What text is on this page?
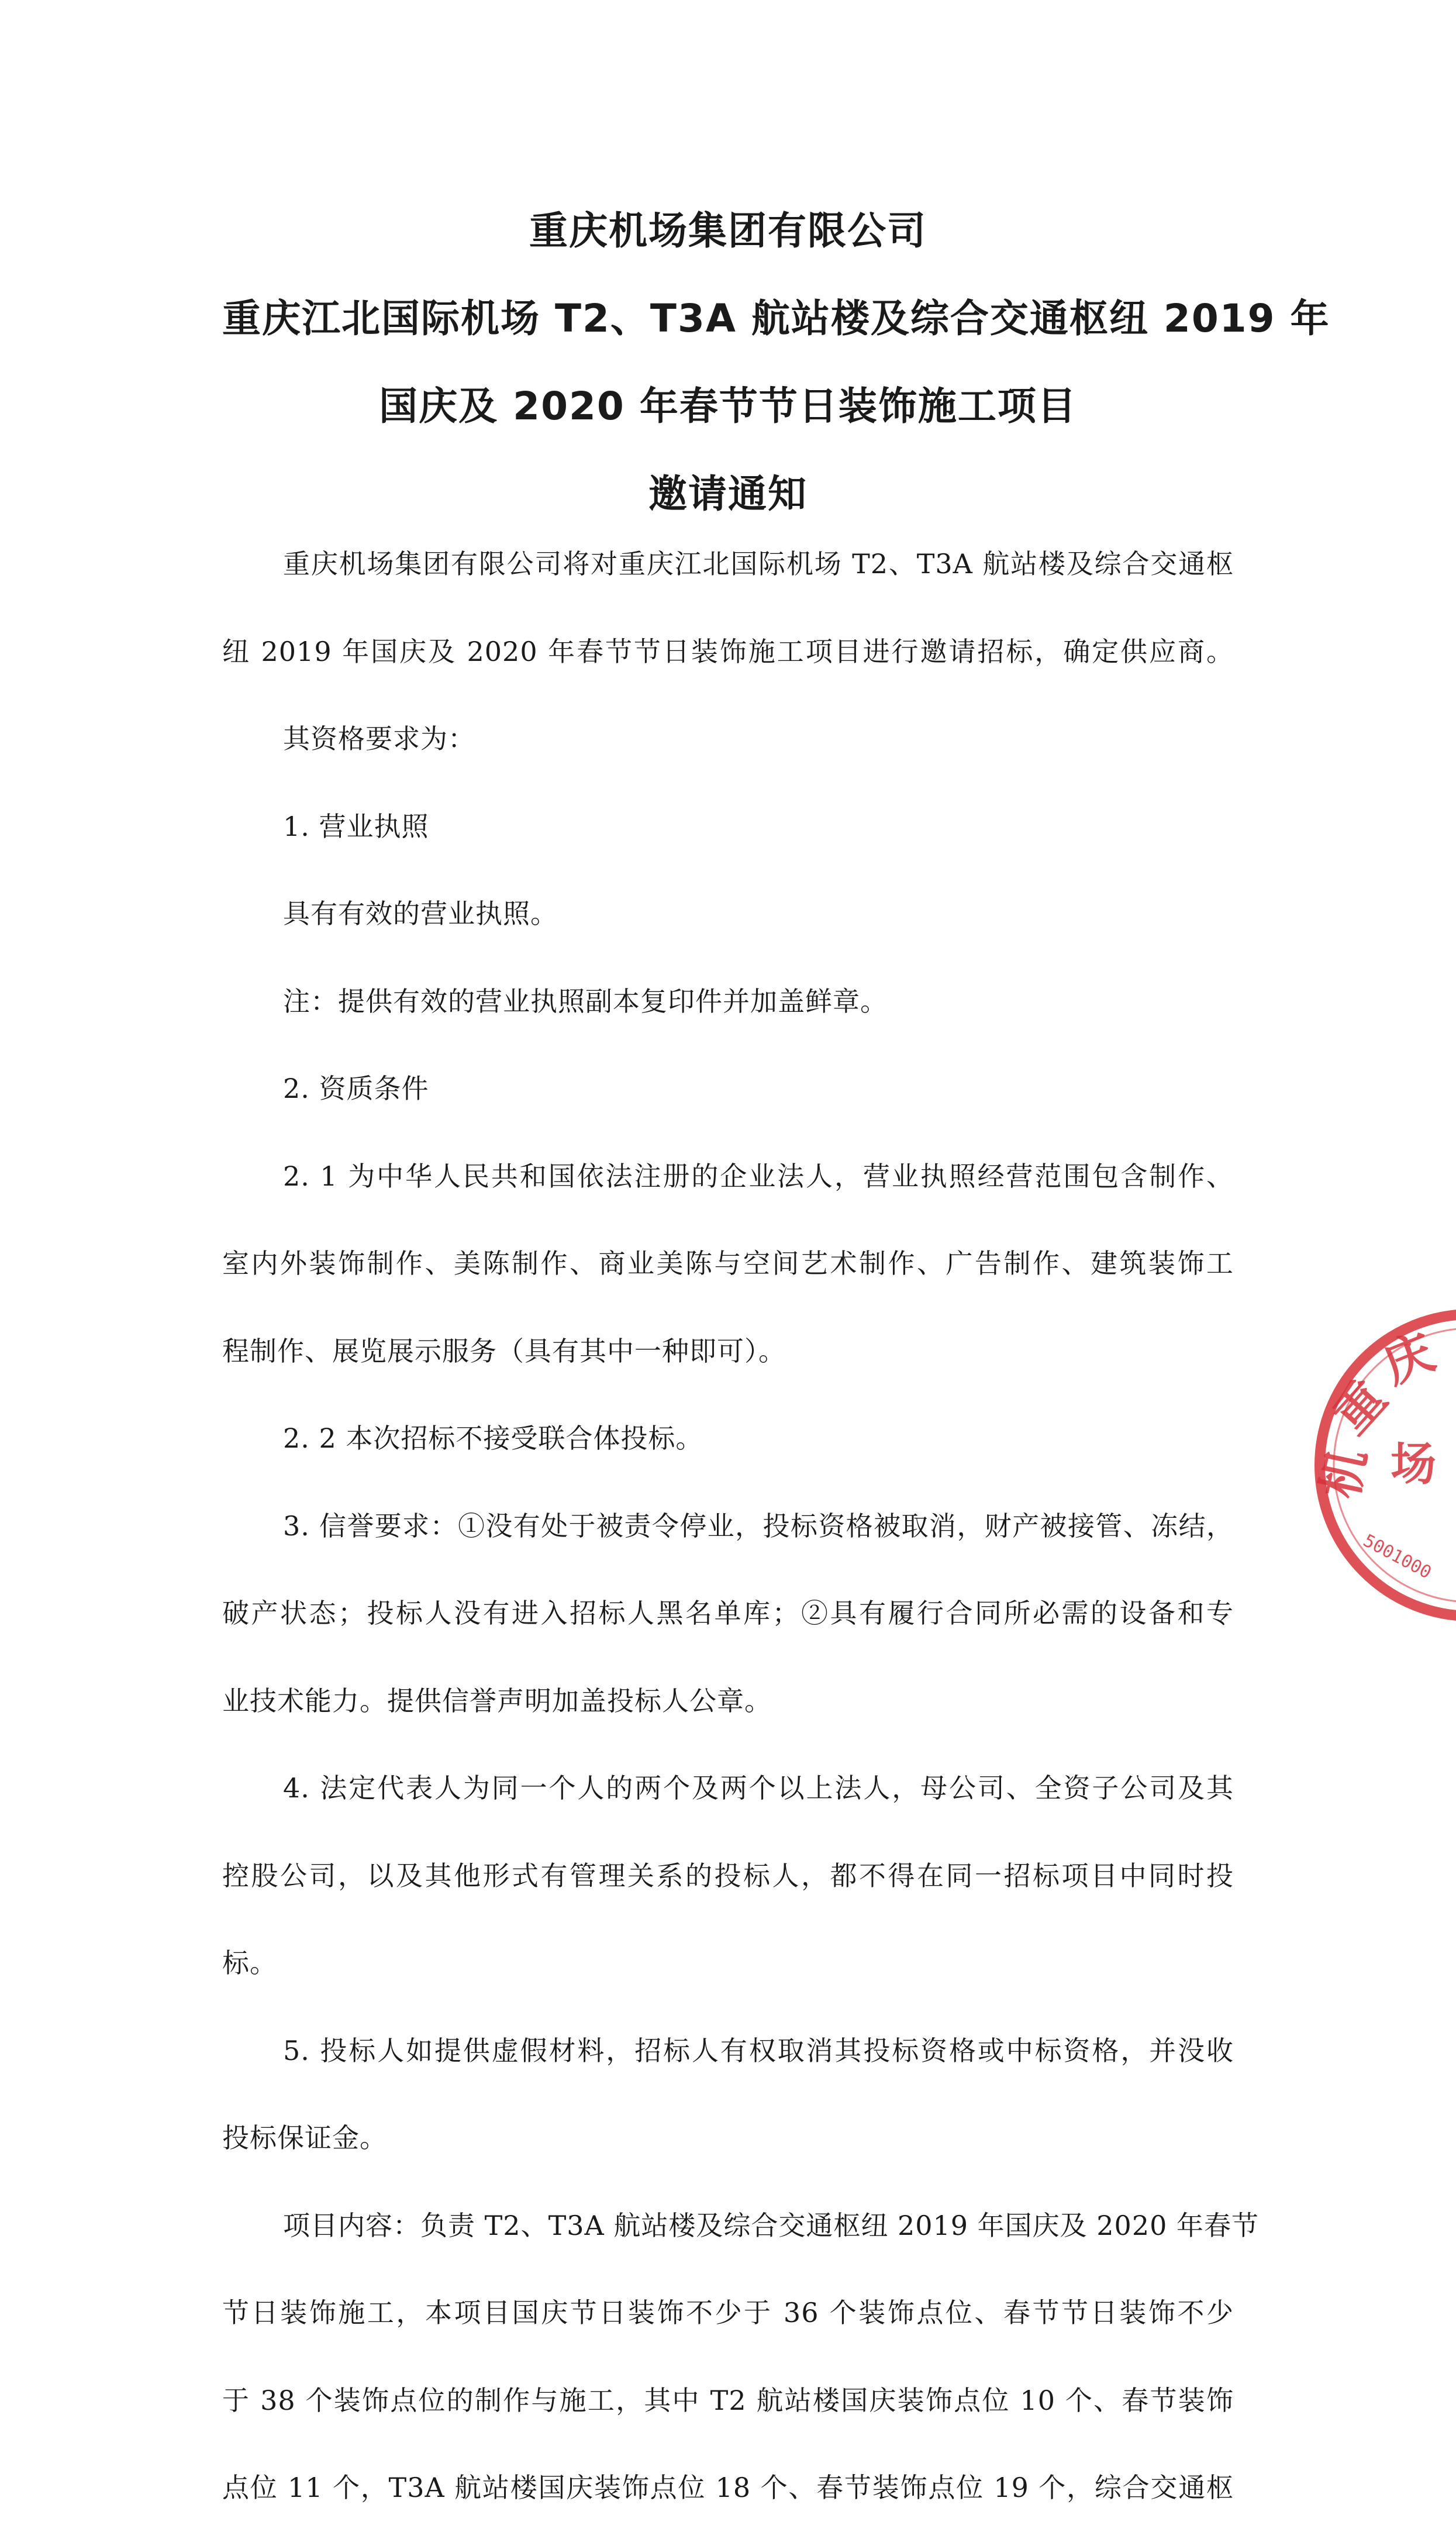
重庆机场集团有限公司
重庆江北国际机场 T2、T3A 航站楼及综合交通枢纽 2019 年
国庆及 2020 年春节节日装饰施工项目
邀请通知
重庆机场集团有限公司将对重庆江北国际机场 T2、T3A 航站楼及综合交通枢
纽 2019 年国庆及 2020 年春节节日装饰施工项目进行邀请招标，确定供应商。
其资格要求为：
1. 营业执照
具有有效的营业执照。
注：提供有效的营业执照副本复印件并加盖鲜章。
2. 资质条件
2. 1 为中华人民共和国依法注册的企业法人，营业执照经营范围包含制作、
室内外装饰制作、美陈制作、商业美陈与空间艺术制作、广告制作、建筑装饰工
程制作、展览展示服务（具有其中一种即可）。
2. 2 本次招标不接受联合体投标。
3. 信誉要求：①没有处于被责令停业，投标资格被取消，财产被接管、冻结，
破产状态；投标人没有进入招标人黑名单库；②具有履行合同所必需的设备和专
业技术能力。提供信誉声明加盖投标人公章。
4. 法定代表人为同一个人的两个及两个以上法人，母公司、全资子公司及其
控股公司，以及其他形式有管理关系的投标人，都不得在同一招标项目中同时投
标。
5. 投标人如提供虚假材料，招标人有权取消其投标资格或中标资格，并没收
投标保证金。
项目内容：负责 T2、T3A 航站楼及综合交通枢纽 2019 年国庆及 2020 年春节
节日装饰施工，本项目国庆节日装饰不少于 36 个装饰点位、春节节日装饰不少
于 38 个装饰点位的制作与施工，其中 T2 航站楼国庆装饰点位 10 个、春节装饰
点位 11 个，T3A 航站楼国庆装饰点位 18 个、春节装饰点位 19 个，综合交通枢
重
庆
机 场
5001000
